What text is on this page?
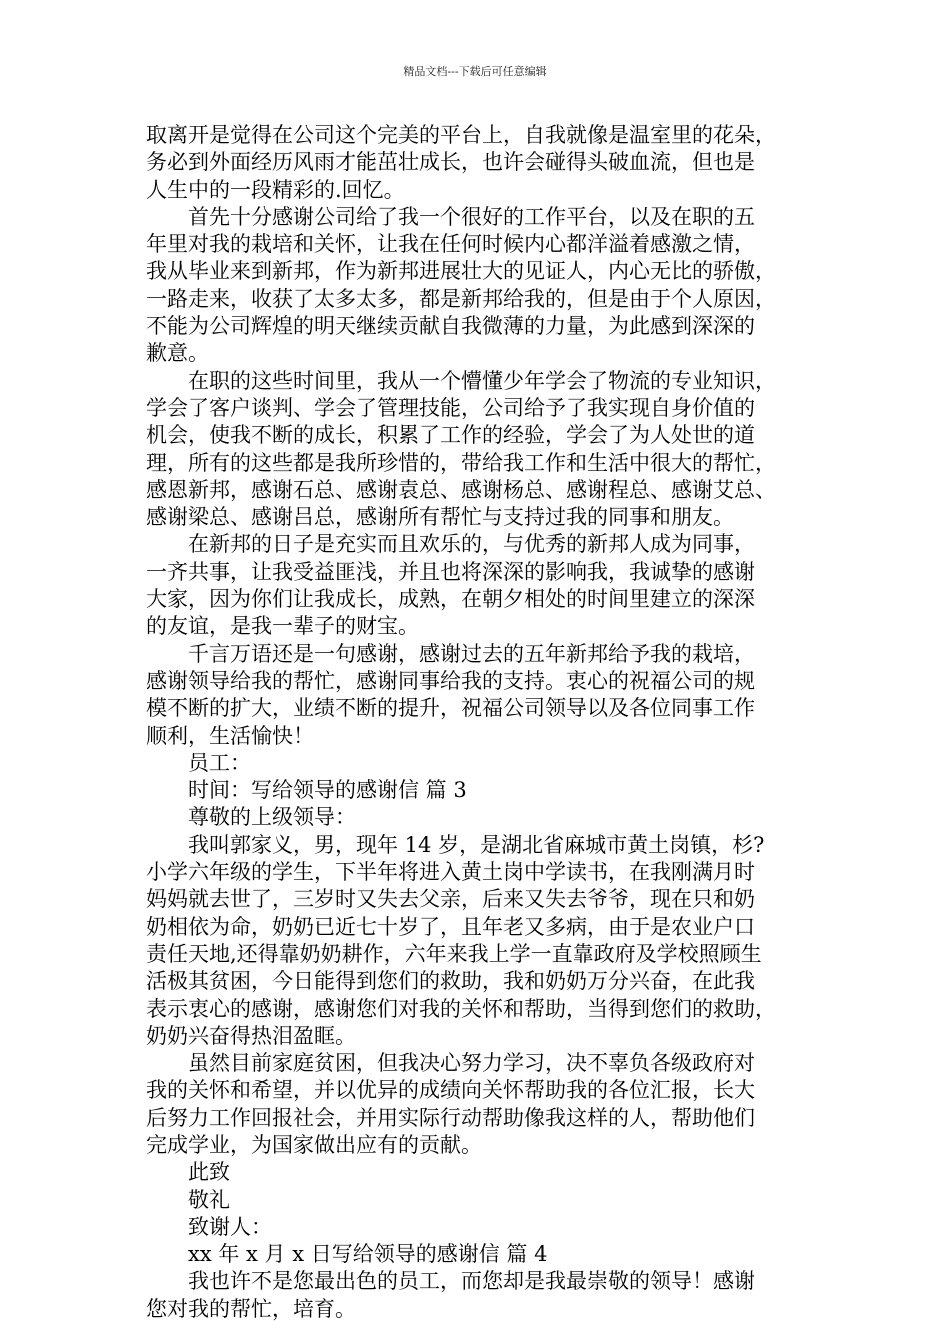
精品文档---下载后可任意编辑
取离开是觉得在公司这个完美的平台上，自我就像是温室里的花朵，
务必到外面经历风雨才能茁壮成长，也许会碰得头破血流，但也是
人生中的一段精彩的.回忆。
首先十分感谢公司给了我一个很好的工作平台，以及在职的五
年里对我的栽培和关怀，让我在任何时候内心都洋溢着感激之情，
我从毕业来到新邦，作为新邦进展壮大的见证人，内心无比的骄傲，
一路走来，收获了太多太多，都是新邦给我的，但是由于个人原因，
不能为公司辉煌的明天继续贡献自我微薄的力量，为此感到深深的
歉意。
在职的这些时间里，我从一个懵懂少年学会了物流的专业知识，
学会了客户谈判、学会了管理技能，公司给予了我实现自身价值的
机会，使我不断的成长，积累了工作的经验，学会了为人处世的道
理，所有的这些都是我所珍惜的，带给我工作和生活中很大的帮忙，
感恩新邦，感谢石总、感谢袁总、感谢杨总、感谢程总、感谢艾总、
感谢梁总、感谢吕总，感谢所有帮忙与支持过我的同事和朋友。
在新邦的日子是充实而且欢乐的，与优秀的新邦人成为同事，
一齐共事，让我受益匪浅，并且也将深深的影响我，我诚挚的感谢
大家，因为你们让我成长，成熟，在朝夕相处的时间里建立的深深
的友谊，是我一辈子的财宝。
千言万语还是一句感谢，感谢过去的五年新邦给予我的栽培，
感谢领导给我的帮忙，感谢同事给我的支持。衷心的祝福公司的规
模不断的扩大，业绩不断的提升，祝福公司领导以及各位同事工作
顺利，生活愉快！
员工：
时间：写给领导的感谢信 篇 3
尊敬的上级领导：
我叫郭家义，男，现年 14 岁，是湖北省麻城市黄土岗镇，杉?
小学六年级的学生，下半年将进入黄土岗中学读书，在我刚满月时
妈妈就去世了，三岁时又失去父亲，后来又失去爷爷，现在只和奶
奶相依为命，奶奶已近七十岁了，且年老又多病，由于是农业户口
责任天地,还得靠奶奶耕作，六年来我上学一直靠政府及学校照顾生
活极其贫困，今日能得到您们的救助，我和奶奶万分兴奋，在此我
表示衷心的感谢，感谢您们对我的关怀和帮助，当得到您们的救助，
奶奶兴奋得热泪盈眶。
虽然目前家庭贫困，但我决心努力学习，决不辜负各级政府对
我的关怀和希望，并以优异的成绩向关怀帮助我的各位汇报，长大
后努力工作回报社会，并用实际行动帮助像我这样的人，帮助他们
完成学业，为国家做出应有的贡献。
此致
敬礼
致谢人：
xx 年 x 月 x 日写给领导的感谢信 篇 4
我也许不是您最出色的员工，而您却是我最崇敬的领导！感谢
您对我的帮忙，培育。
